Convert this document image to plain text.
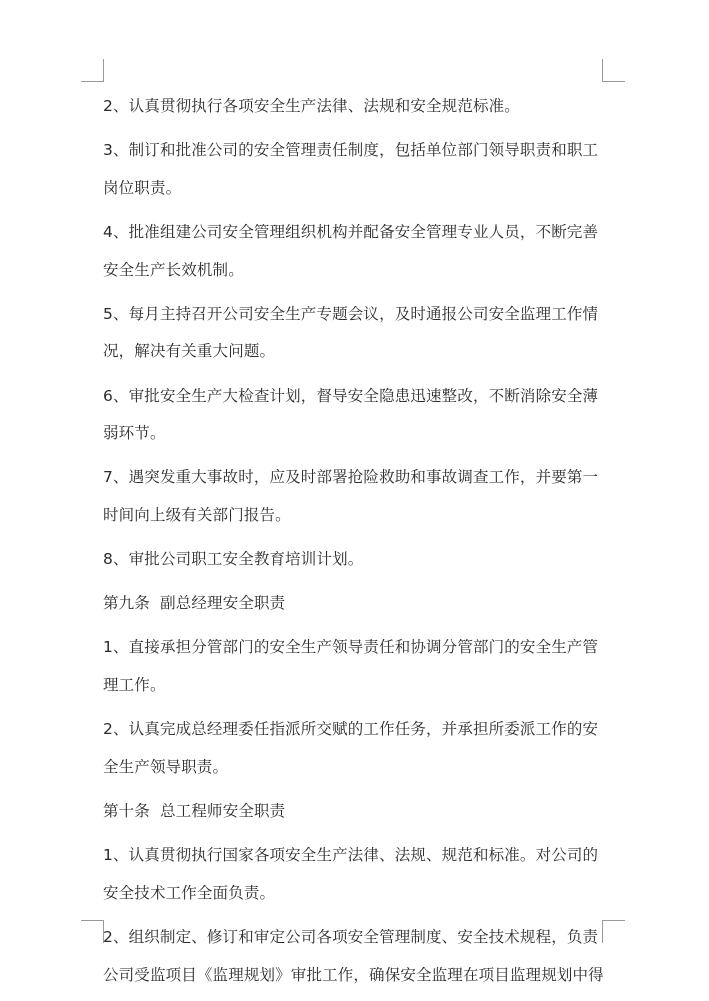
2、认真贯彻执行各项安全生产法律、法规和安全规范标准。

3、制订和批准公司的安全管理责任制度，包括单位部门领导职责和职工
岗位职责。

4、批准组建公司安全管理组织机构并配备安全管理专业人员，不断完善
安全生产长效机制。

5、每月主持召开公司安全生产专题会议，及时通报公司安全监理工作情
况，解决有关重大问题。

6、审批安全生产大检查计划，督导安全隐患迅速整改，不断消除安全薄
弱环节。

7、遇突发重大事故时，应及时部署抢险救助和事故调查工作，并要第一
时间向上级有关部门报告。

8、审批公司职工安全教育培训计划。

第九条  副总经理安全职责

1、直接承担分管部门的安全生产领导责任和协调分管部门的安全生产管
理工作。

2、认真完成总经理委任指派所交赋的工作任务，并承担所委派工作的安
全生产领导职责。

第十条  总工程师安全职责

1、认真贯彻执行国家各项安全生产法律、法规、规范和标准。对公司的
安全技术工作全面负责。

2、组织制定、修订和审定公司各项安全管理制度、安全技术规程，负责
公司受监项目《监理规划》审批工作，确保安全监理在项目监理规划中得
